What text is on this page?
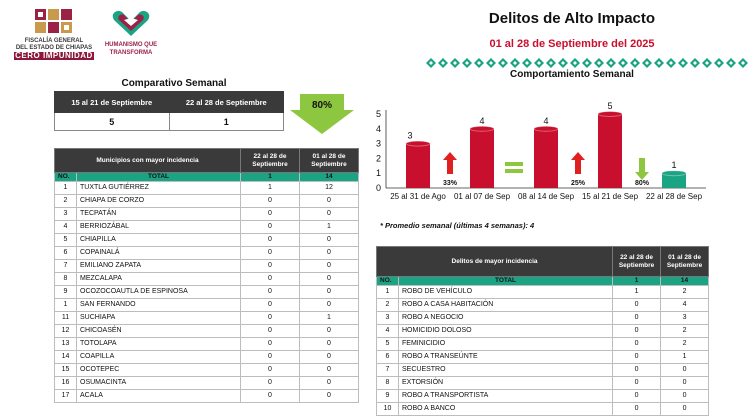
FISCALÍA GENERAL
DEL ESTADO DE CHIAPAS
CERO IMPUNIDAD
HUMANISMO QUE
TRANSFORMA
Delitos de Alto Impacto
01 al 28 de Septiembre del 2025
Comportamiento Semanal
Comparativo Semanal
15 al 21 de Septiembre	22 al 28 de Septiembre
5	1
80%
Municipios con mayor incidencia		22 al 28 de Septiembre	01 al 28 de Septiembre
NO.	TOTAL	1	14
1	TUXTLA GUTIÉRREZ	1	12
2	CHIAPA DE CORZO	0	0
3	TECPATÁN	0	0
4	BERRIOZÁBAL	0	1
5	CHIAPILLA	0	0
6	COPAINALÁ	0	0
7	EMILIANO ZAPATA	0	0
8	MEZCALAPA	0	0
9	OCOZOCOAUTLA DE ESPINOSA	0	0
1	SAN FERNANDO	0	0
11	SUCHIAPA	0	1
12	CHICOASÉN	0	0
13	TOTOLAPA	0	0
14	COAPILLA	0	0
15	OCOTEPEC	0	0
16	OSUMACINTA	0	0
17	ACALA	0	0
0
1
2
3
4
5
3
25 al 31 de Ago
4
01 al 07 de Sep
4
08 al 14 de Sep
5
15 al 21 de Sep
1
22 al 28 de Sep
33%	25%	80%
* Promedio semanal (últimas 4 semanas): 4
Delitos de mayor incidencia		22 al 28 de Septiembre	01 al 28 de Septiembre
NO.	TOTAL	1	14
1	ROBO DE VEHÍCULO	1	2
2	ROBO A CASA HABITACIÓN	0	4
3	ROBO A NEGOCIO	0	3
4	HOMICIDIO DOLOSO	0	2
5	FEMINICIDIO	0	2
6	ROBO A TRANSEÚNTE	0	1
7	SECUESTRO	0	0
8	EXTORSIÓN	0	0
9	ROBO A TRANSPORTISTA	0	0
10	ROBO A BANCO	0	0
